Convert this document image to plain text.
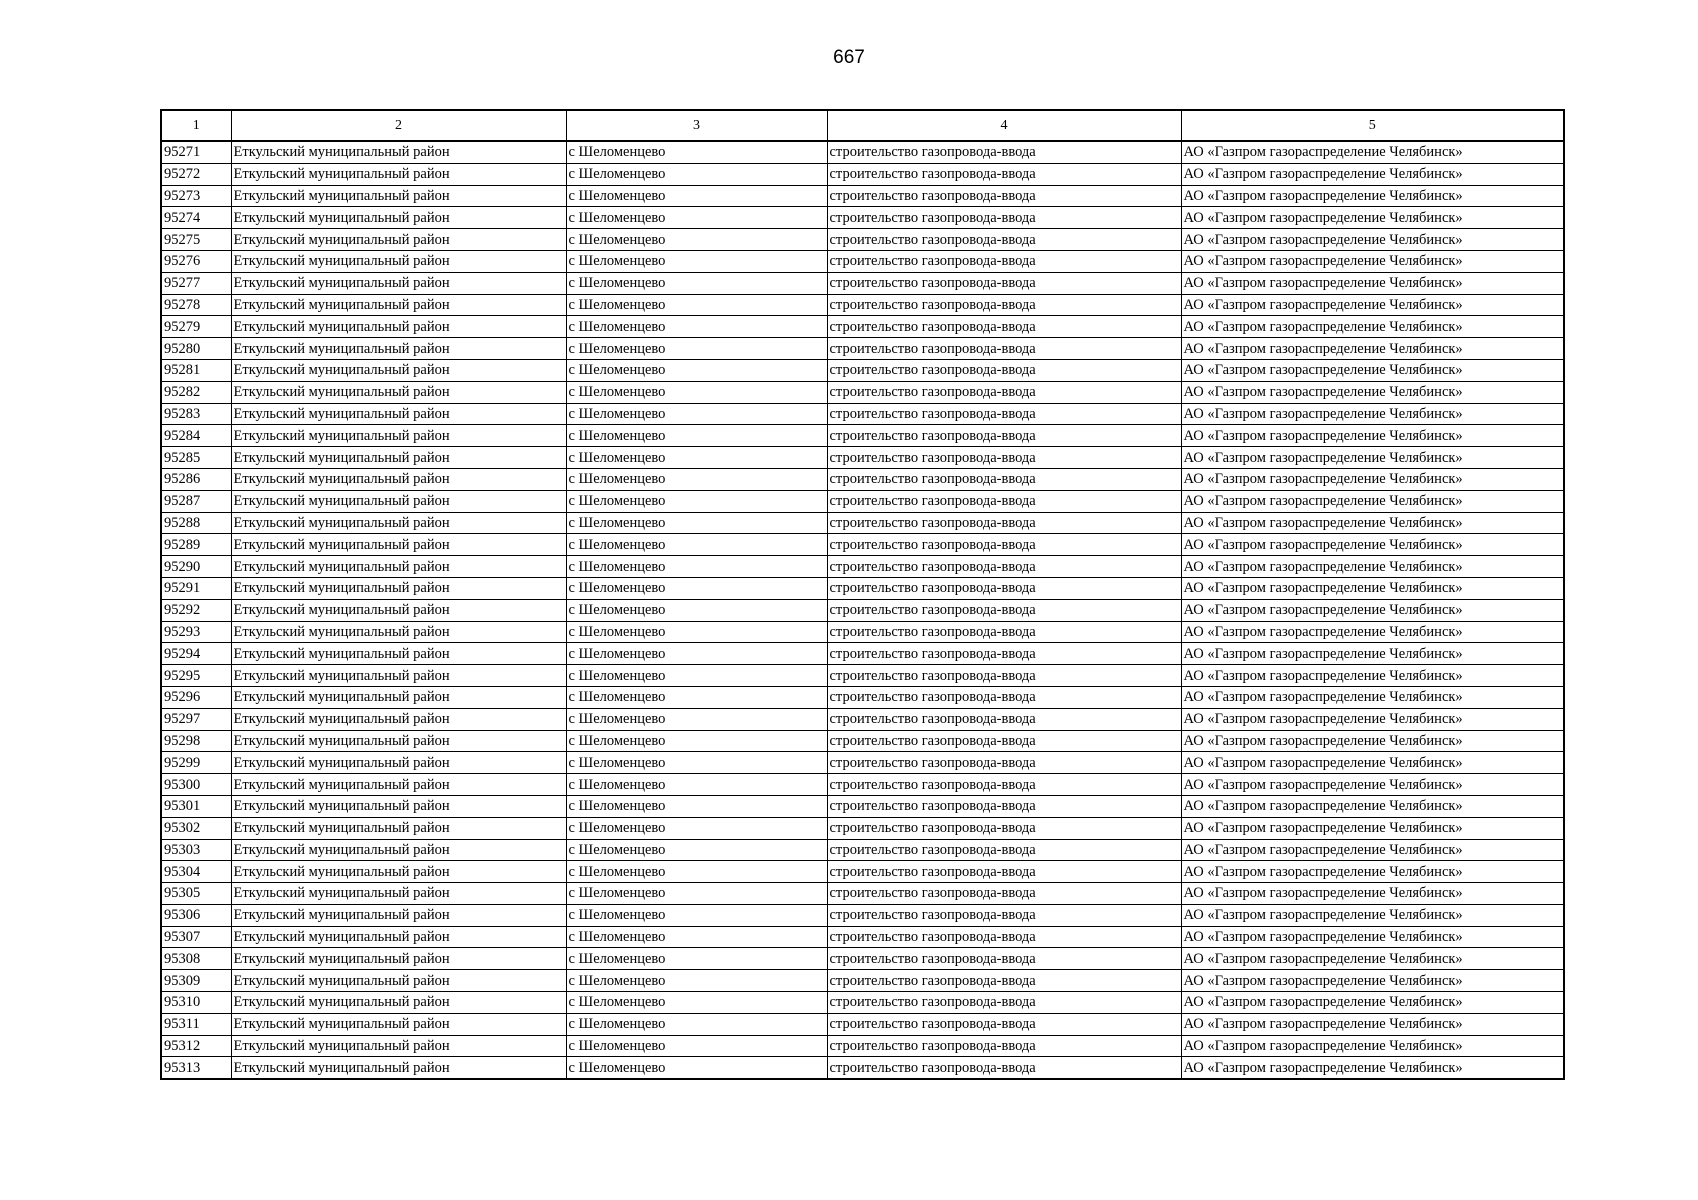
667
1	2	3	4	5
95271	Еткульский муниципальный район	с Шеломенцево	строительство газопровода-ввода	АО «Газпром газораспределение Челябинск»
95272	Еткульский муниципальный район	с Шеломенцево	строительство газопровода-ввода	АО «Газпром газораспределение Челябинск»
95273	Еткульский муниципальный район	с Шеломенцево	строительство газопровода-ввода	АО «Газпром газораспределение Челябинск»
95274	Еткульский муниципальный район	с Шеломенцево	строительство газопровода-ввода	АО «Газпром газораспределение Челябинск»
95275	Еткульский муниципальный район	с Шеломенцево	строительство газопровода-ввода	АО «Газпром газораспределение Челябинск»
95276	Еткульский муниципальный район	с Шеломенцево	строительство газопровода-ввода	АО «Газпром газораспределение Челябинск»
95277	Еткульский муниципальный район	с Шеломенцево	строительство газопровода-ввода	АО «Газпром газораспределение Челябинск»
95278	Еткульский муниципальный район	с Шеломенцево	строительство газопровода-ввода	АО «Газпром газораспределение Челябинск»
95279	Еткульский муниципальный район	с Шеломенцево	строительство газопровода-ввода	АО «Газпром газораспределение Челябинск»
95280	Еткульский муниципальный район	с Шеломенцево	строительство газопровода-ввода	АО «Газпром газораспределение Челябинск»
95281	Еткульский муниципальный район	с Шеломенцево	строительство газопровода-ввода	АО «Газпром газораспределение Челябинск»
95282	Еткульский муниципальный район	с Шеломенцево	строительство газопровода-ввода	АО «Газпром газораспределение Челябинск»
95283	Еткульский муниципальный район	с Шеломенцево	строительство газопровода-ввода	АО «Газпром газораспределение Челябинск»
95284	Еткульский муниципальный район	с Шеломенцево	строительство газопровода-ввода	АО «Газпром газораспределение Челябинск»
95285	Еткульский муниципальный район	с Шеломенцево	строительство газопровода-ввода	АО «Газпром газораспределение Челябинск»
95286	Еткульский муниципальный район	с Шеломенцево	строительство газопровода-ввода	АО «Газпром газораспределение Челябинск»
95287	Еткульский муниципальный район	с Шеломенцево	строительство газопровода-ввода	АО «Газпром газораспределение Челябинск»
95288	Еткульский муниципальный район	с Шеломенцево	строительство газопровода-ввода	АО «Газпром газораспределение Челябинск»
95289	Еткульский муниципальный район	с Шеломенцево	строительство газопровода-ввода	АО «Газпром газораспределение Челябинск»
95290	Еткульский муниципальный район	с Шеломенцево	строительство газопровода-ввода	АО «Газпром газораспределение Челябинск»
95291	Еткульский муниципальный район	с Шеломенцево	строительство газопровода-ввода	АО «Газпром газораспределение Челябинск»
95292	Еткульский муниципальный район	с Шеломенцево	строительство газопровода-ввода	АО «Газпром газораспределение Челябинск»
95293	Еткульский муниципальный район	с Шеломенцево	строительство газопровода-ввода	АО «Газпром газораспределение Челябинск»
95294	Еткульский муниципальный район	с Шеломенцево	строительство газопровода-ввода	АО «Газпром газораспределение Челябинск»
95295	Еткульский муниципальный район	с Шеломенцево	строительство газопровода-ввода	АО «Газпром газораспределение Челябинск»
95296	Еткульский муниципальный район	с Шеломенцево	строительство газопровода-ввода	АО «Газпром газораспределение Челябинск»
95297	Еткульский муниципальный район	с Шеломенцево	строительство газопровода-ввода	АО «Газпром газораспределение Челябинск»
95298	Еткульский муниципальный район	с Шеломенцево	строительство газопровода-ввода	АО «Газпром газораспределение Челябинск»
95299	Еткульский муниципальный район	с Шеломенцево	строительство газопровода-ввода	АО «Газпром газораспределение Челябинск»
95300	Еткульский муниципальный район	с Шеломенцево	строительство газопровода-ввода	АО «Газпром газораспределение Челябинск»
95301	Еткульский муниципальный район	с Шеломенцево	строительство газопровода-ввода	АО «Газпром газораспределение Челябинск»
95302	Еткульский муниципальный район	с Шеломенцево	строительство газопровода-ввода	АО «Газпром газораспределение Челябинск»
95303	Еткульский муниципальный район	с Шеломенцево	строительство газопровода-ввода	АО «Газпром газораспределение Челябинск»
95304	Еткульский муниципальный район	с Шеломенцево	строительство газопровода-ввода	АО «Газпром газораспределение Челябинск»
95305	Еткульский муниципальный район	с Шеломенцево	строительство газопровода-ввода	АО «Газпром газораспределение Челябинск»
95306	Еткульский муниципальный район	с Шеломенцево	строительство газопровода-ввода	АО «Газпром газораспределение Челябинск»
95307	Еткульский муниципальный район	с Шеломенцево	строительство газопровода-ввода	АО «Газпром газораспределение Челябинск»
95308	Еткульский муниципальный район	с Шеломенцево	строительство газопровода-ввода	АО «Газпром газораспределение Челябинск»
95309	Еткульский муниципальный район	с Шеломенцево	строительство газопровода-ввода	АО «Газпром газораспределение Челябинск»
95310	Еткульский муниципальный район	с Шеломенцево	строительство газопровода-ввода	АО «Газпром газораспределение Челябинск»
95311	Еткульский муниципальный район	с Шеломенцево	строительство газопровода-ввода	АО «Газпром газораспределение Челябинск»
95312	Еткульский муниципальный район	с Шеломенцево	строительство газопровода-ввода	АО «Газпром газораспределение Челябинск»
95313	Еткульский муниципальный район	с Шеломенцево	строительство газопровода-ввода	АО «Газпром газораспределение Челябинск»
